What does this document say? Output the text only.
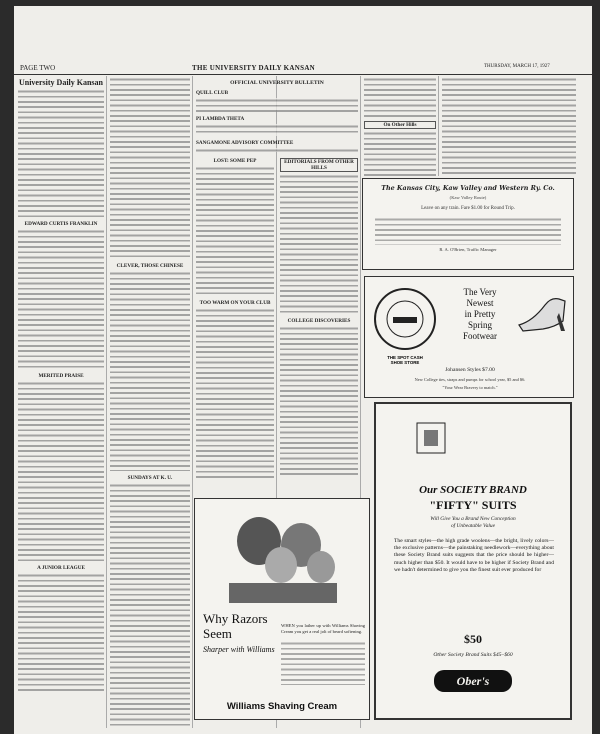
PAGE TWO	THE UNIVERSITY DAILY KANSAN	THURSDAY, MARCH 17, 1927
University Daily Kansan
EDWARD CURTIS FRANKLIN
MERITED PRAISE
A JUNIOR LEAGUE
CLEVER, THOSE CHINESE
SUNDAYS AT K. U.
OFFICIAL UNIVERSITY BULLETIN
QUILL CLUB
PI LAMBDA THETA
SANGAMONE ADVISORY COMMITTEE
LOST: SOME PEP
TOO WARM ON YOUR CLUB
EDITORIALS FROM OTHER HILLS
COLLEGE DISCOVERIES
On Other Hills
The Kansas City, Kaw Valley and Western Ry. Co.
(Kaw Valley Route)
Leave on any train. Fare $1.00 for Round Trip.
R. A. O'Brien, Traffic Manager
THE SPOT CASH
SHOE STORE
The Very
Newest
in Pretty
Spring
Footwear
Johansen Styles $7.00
New College ties, straps and pumps for school year, $5 and $6.
"Your Wear Bravery to match."
Our SOCIETY BRAND
"FIFTY" SUITS
Will Give You a Brand New Conception
of Unbeatable Value
The smart styles—the high grade woolens—the bright, lively colors—the exclusive patterns—the painstaking needlework—everything about these Society Brand suits suggests that the price should be higher—much higher than $50. It would have to be higher if Society Brand and we hadn't determined to give you the finest suit ever produced for
$50
Other Society Brand Suits $45–$60
Ober's
Why Razors Seem
Sharper with Williams
WHEN you lather up with Williams Shaving Cream you get a real jolt of beard softening.
Williams Shaving Cream
